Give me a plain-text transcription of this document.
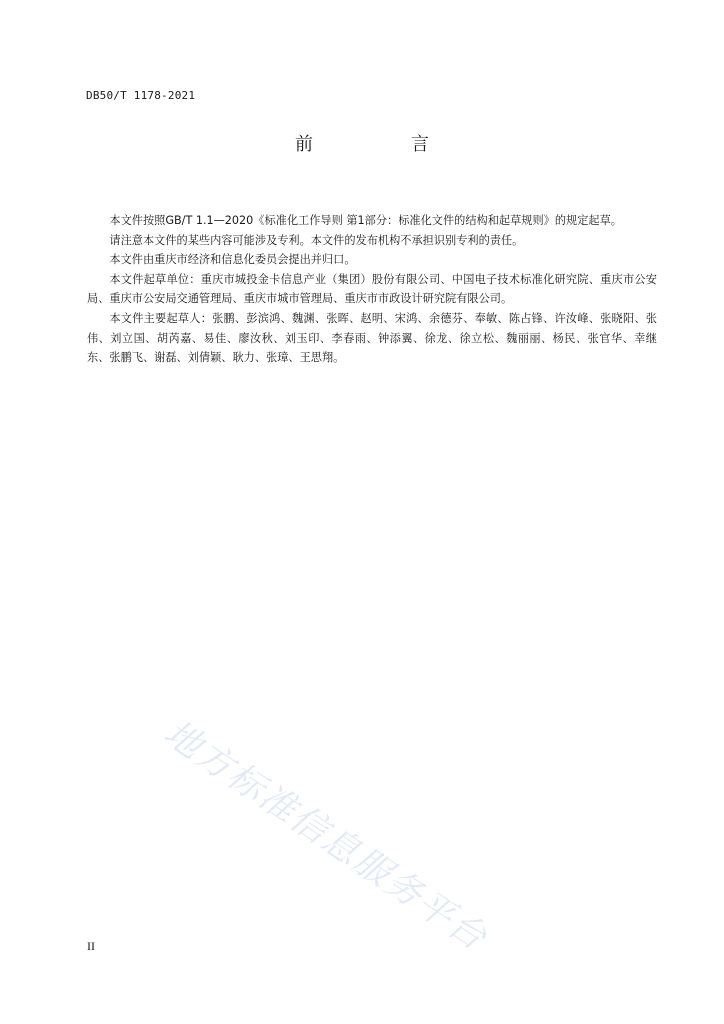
DB50/T 1178-2021
前　言

本文件按照GB/T 1.1—2020《标准化工作导则 第1部分：标准化文件的结构和起草规则》的规定起草。

请注意本文件的某些内容可能涉及专利。本文件的发布机构不承担识别专利的责任。

本文件由重庆市经济和信息化委员会提出并归口。

本文件起草单位：重庆市城投金卡信息产业（集团）股份有限公司、中国电子技术标准化研究院、重庆市公安局、重庆市公安局交通管理局、重庆市城市管理局、重庆市市政设计研究院有限公司。

本文件主要起草人：张鹏、彭滨鸿、魏渊、张晖、赵明、宋鸿、余德芬、奉敏、陈占锋、许汝峰、张晓阳、张伟、刘立国、胡芮嘉、易佳、廖汝秋、刘玉印、李春雨、钟添翼、徐龙、徐立松、魏丽丽、杨民、张官华、幸继东、张鹏飞、谢磊、刘倩颖、耿力、张璋、王思翔。

地方标准信息服务平台
II
